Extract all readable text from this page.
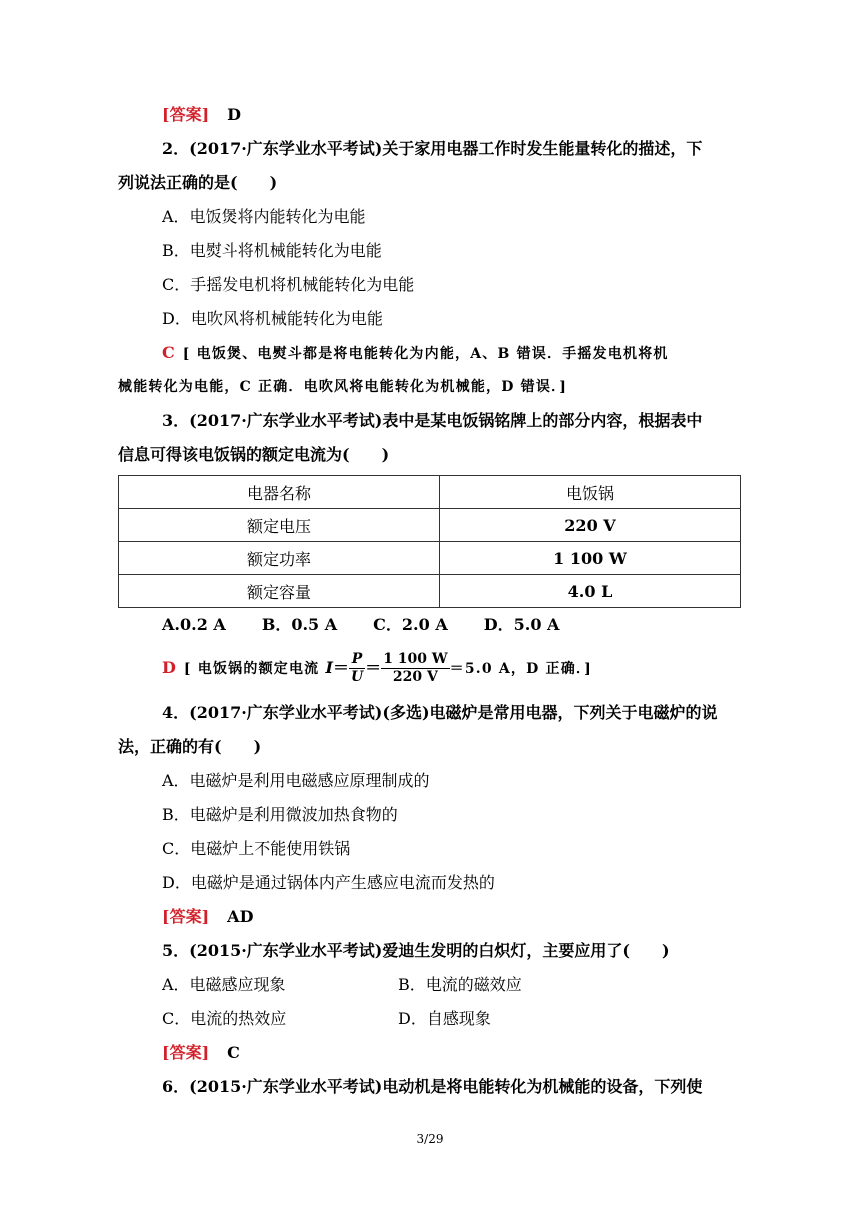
[答案] D
2．(2017·广东学业水平考试)关于家用电器工作时发生能量转化的描述，下
列说法正确的是(　　)
A．电饭煲将内能转化为电能
B．电熨斗将机械能转化为电能
C．手摇发电机将机械能转化为电能
D．电吹风将机械能转化为电能
C [ 电饭煲、电熨斗都是将电能转化为内能，A、B 错误．手摇发电机将机
械能转化为电能，C 正确．电吹风将电能转化为机械能，D 错误．]
3．(2017·广东学业水平考试)表中是某电饭锅铭牌上的部分内容，根据表中
信息可得该电饭锅的额定电流为(　　)
电器名称	电饭锅
额定电压	220 V
额定功率	1 100 W
额定容量	4.0 L
A.0.2 A B．0.5 A C．2.0 A D．5.0 A
D [ 电饭锅的额定电流 $I= \frac{P}{U} = \frac{1 100 W}{220 V} =5.0$ A，D 正确．]
4．(2017·广东学业水平考试)(多选)电磁炉是常用电器，下列关于电磁炉的说
法，正确的有(　　)
A．电磁炉是利用电磁感应原理制成的
B．电磁炉是利用微波加热食物的
C．电磁炉上不能使用铁锅
D．电磁炉是通过锅体内产生感应电流而发热的
[答案] AD
5．(2015·广东学业水平考试)爱迪生发明的白炽灯，主要应用了(　　)
A．电磁感应现象	B．电流的磁效应
C．电流的热效应	D．自感现象
[答案] C
6．(2015·广东学业水平考试)电动机是将电能转化为机械能的设备，下列使
3/29
